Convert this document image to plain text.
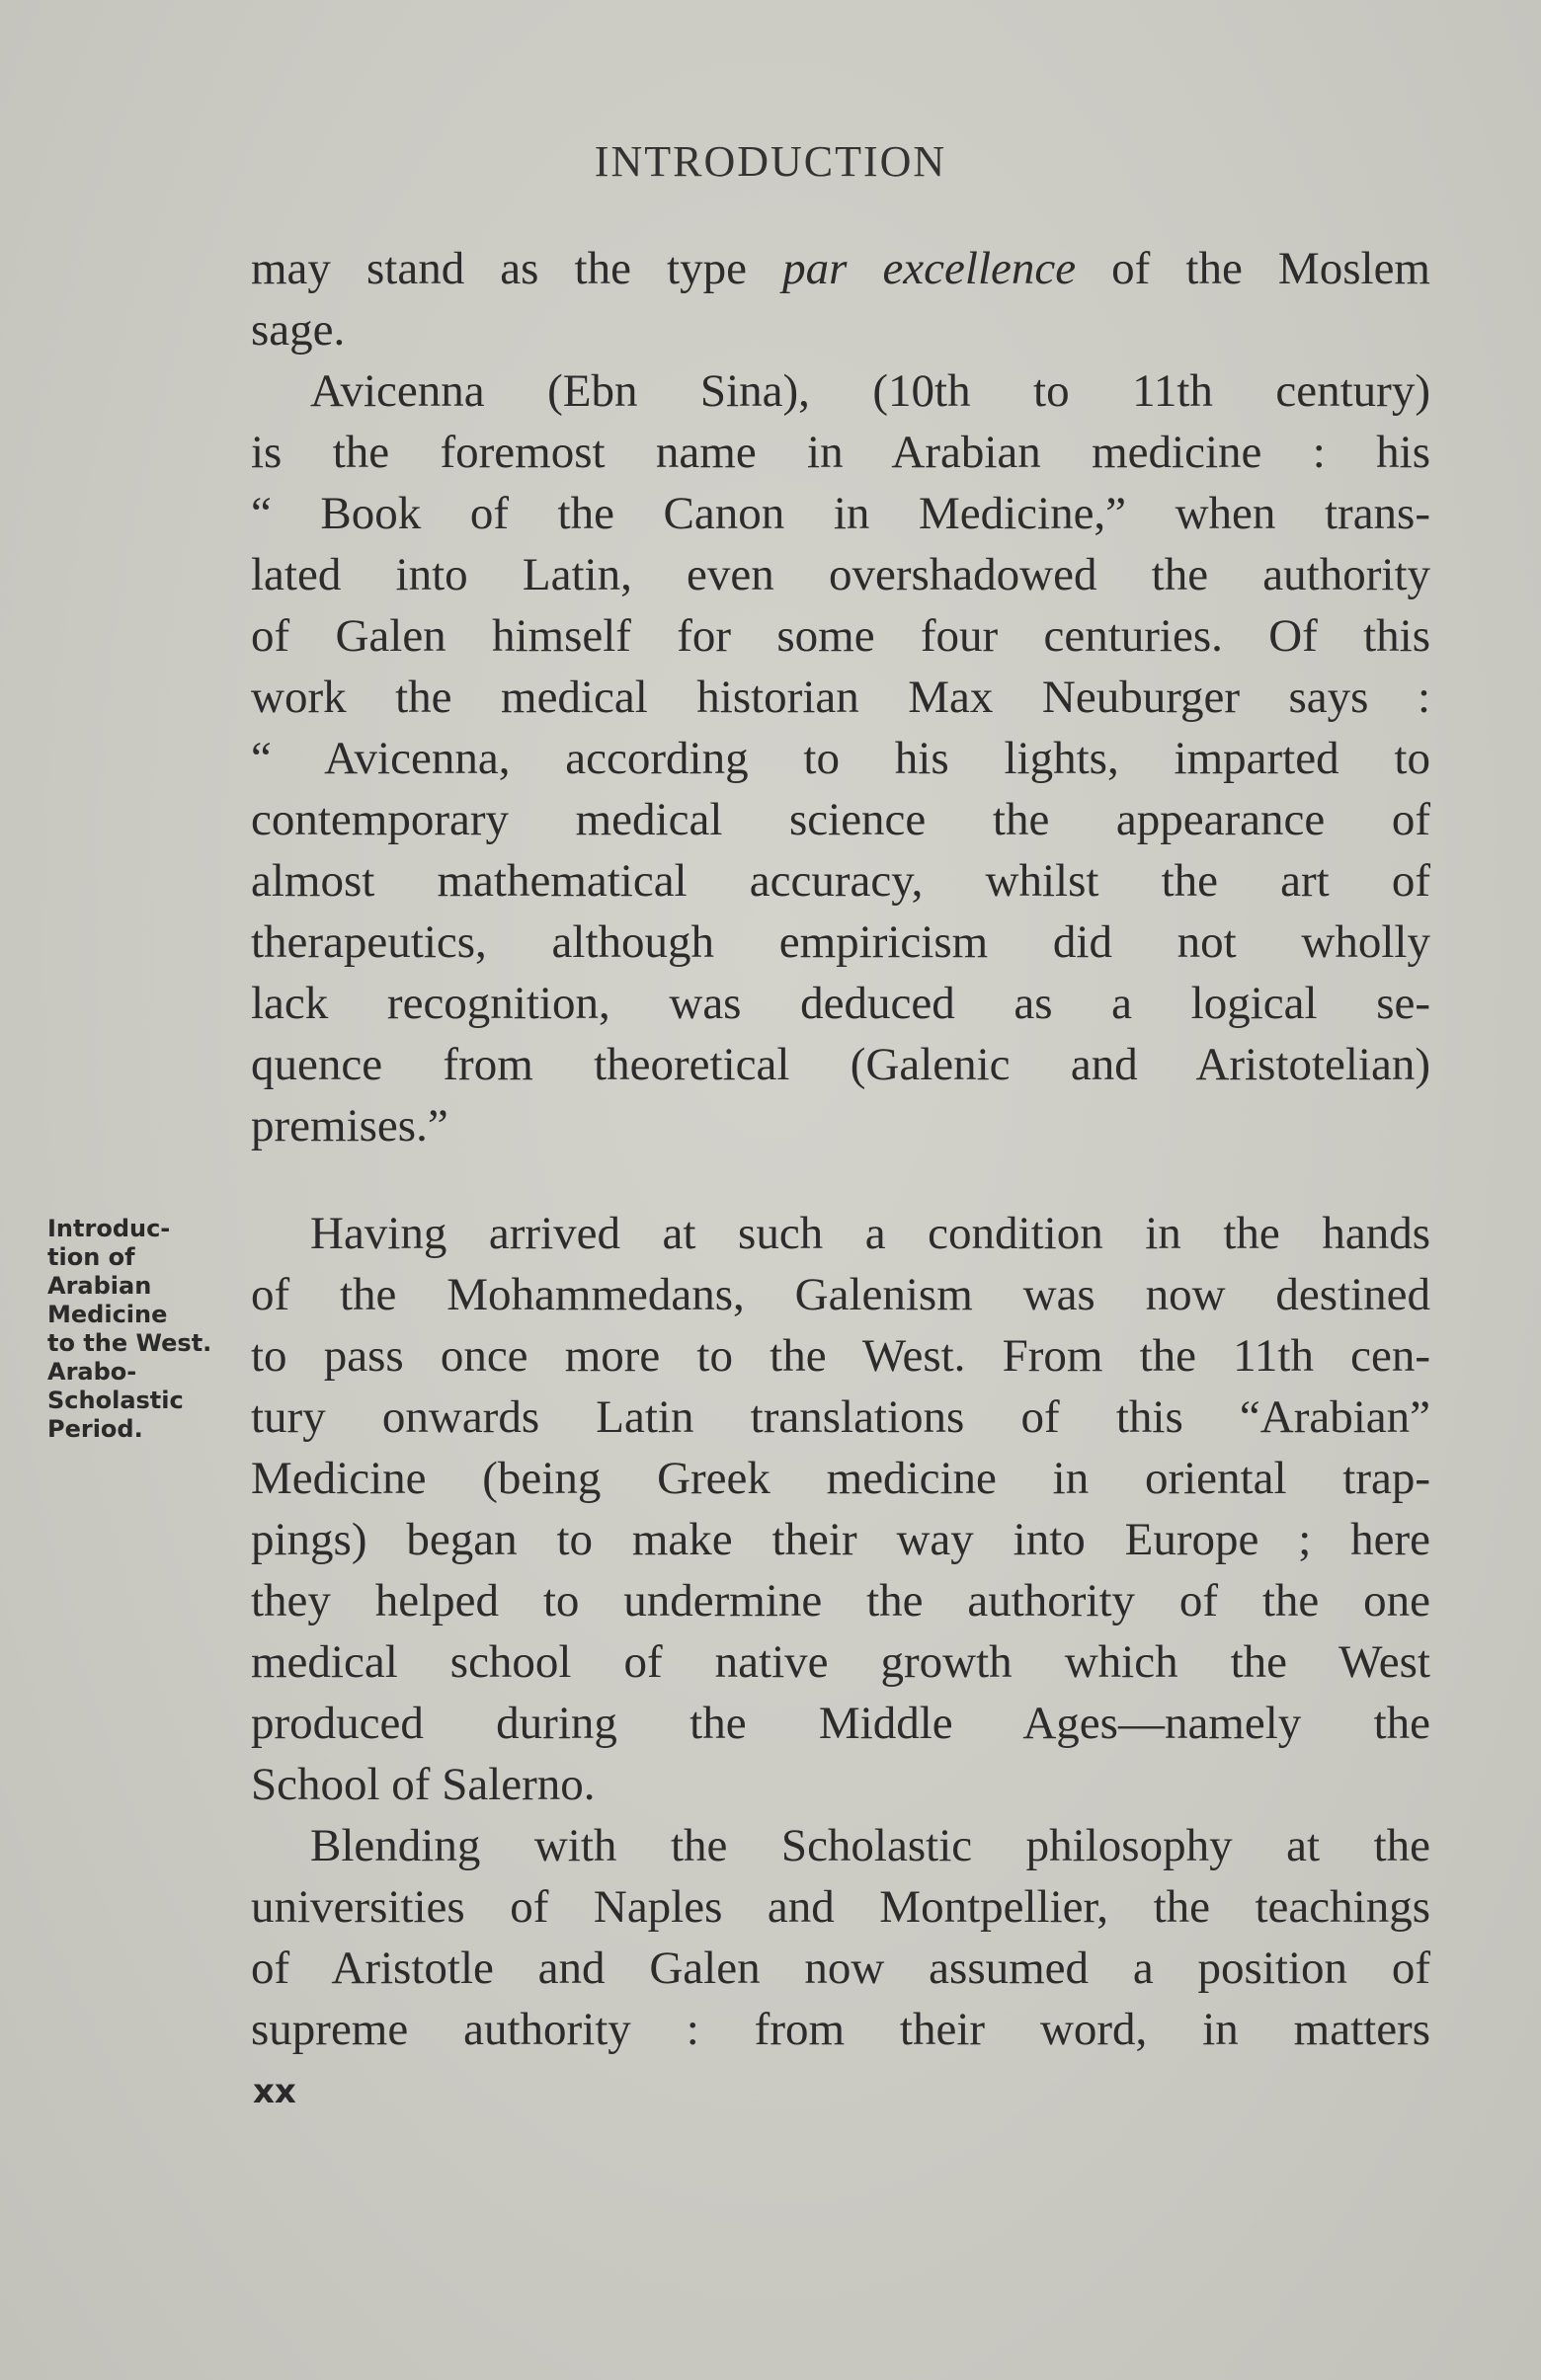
INTRODUCTION
may stand as the type par excellence of the Moslem
sage.
Avicenna (Ebn Sina), (10th to 11th century)
is the foremost name in Arabian medicine : his
“ Book of the Canon in Medicine,” when trans-
lated into Latin, even overshadowed the authority
of Galen himself for some four centuries. Of this
work the medical historian Max Neuburger says :
“ Avicenna, according to his lights, imparted to
contemporary medical science the appearance of
almost mathematical accuracy, whilst the art of
therapeutics, although empiricism did not wholly
lack recognition, was deduced as a logical se-
quence from theoretical (Galenic and Aristotelian)
premises.”
Introduc-
tion of
Arabian
Medicine
to the West.
Arabo-
Scholastic
Period.
Having arrived at such a condition in the hands
of the Mohammedans, Galenism was now destined
to pass once more to the West. From the 11th cen-
tury onwards Latin translations of this “Arabian”
Medicine (being Greek medicine in oriental trap-
pings) began to make their way into Europe ; here
they helped to undermine the authority of the one
medical school of native growth which the West
produced during the Middle Ages—namely the
School of Salerno.
Blending with the Scholastic philosophy at the
universities of Naples and Montpellier, the teachings
of Aristotle and Galen now assumed a position of
supreme authority : from their word, in matters
xx
